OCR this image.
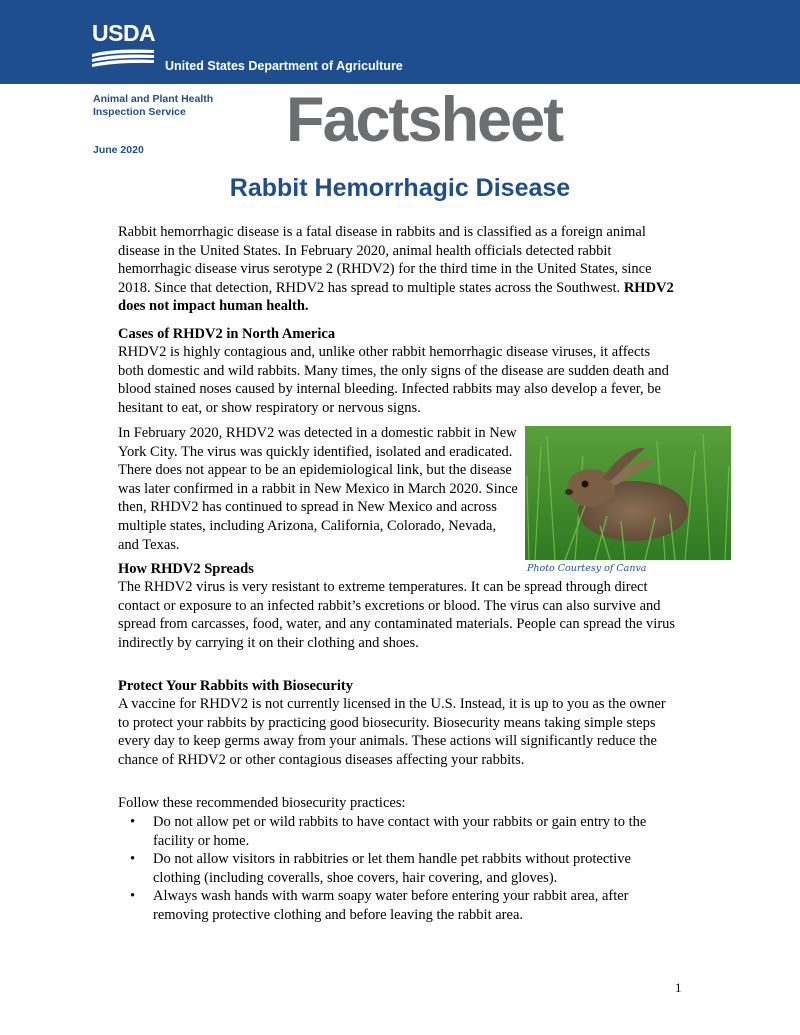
USDA
United States Department of Agriculture
Animal and Plant Health Inspection Service
June 2020 Factsheet
Rabbit Hemorrhagic Disease

Rabbit hemorrhagic disease is a fatal disease in rabbits and is classified as a foreign animal disease in the United States. In February 2020, animal health officials detected rabbit hemorrhagic disease virus serotype 2 (RHDV2) for the third time in the United States, since 2018. Since that detection, RHDV2 has spread to multiple states across the Southwest. RHDV2 does not impact human health.

Cases of RHDV2 in North America

RHDV2 is highly contagious and, unlike other rabbit hemorrhagic disease viruses, it affects both domestic and wild rabbits. Many times, the only signs of the disease are sudden death and blood stained noses caused by internal bleeding. Infected rabbits may also develop a fever, be hesitant to eat, or show respiratory or nervous signs.

In February 2020, RHDV2 was detected in a domestic rabbit in New York City. The virus was quickly identified, isolated and eradicated. There does not appear to be an epidemiological link, but the disease was later confirmed in a rabbit in New Mexico in March 2020. Since then, RHDV2 has continued to spread in New Mexico and across multiple states, including Arizona, California, Colorado, Nevada, and Texas.

Photo Courtesy of Canva

How RHDV2 Spreads

The RHDV2 virus is very resistant to extreme temperatures. It can be spread through direct contact or exposure to an infected rabbit’s excretions or blood. The virus can also survive and spread from carcasses, food, water, and any contaminated materials. People can spread the virus indirectly by carrying it on their clothing and shoes.

Protect Your Rabbits with Biosecurity

A vaccine for RHDV2 is not currently licensed in the U.S. Instead, it is up to you as the owner to protect your rabbits by practicing good biosecurity. Biosecurity means taking simple steps every day to keep germs away from your animals. These actions will significantly reduce the chance of RHDV2 or other contagious diseases affecting your rabbits.

Follow these recommended biosecurity practices:

• Do not allow pet or wild rabbits to have contact with your rabbits or gain entry to the facility or home.
• Do not allow visitors in rabbitries or let them handle pet rabbits without protective clothing (including coveralls, shoe covers, hair covering, and gloves).
• Always wash hands with warm soapy water before entering your rabbit area, after removing protective clothing and before leaving the rabbit area.
1
